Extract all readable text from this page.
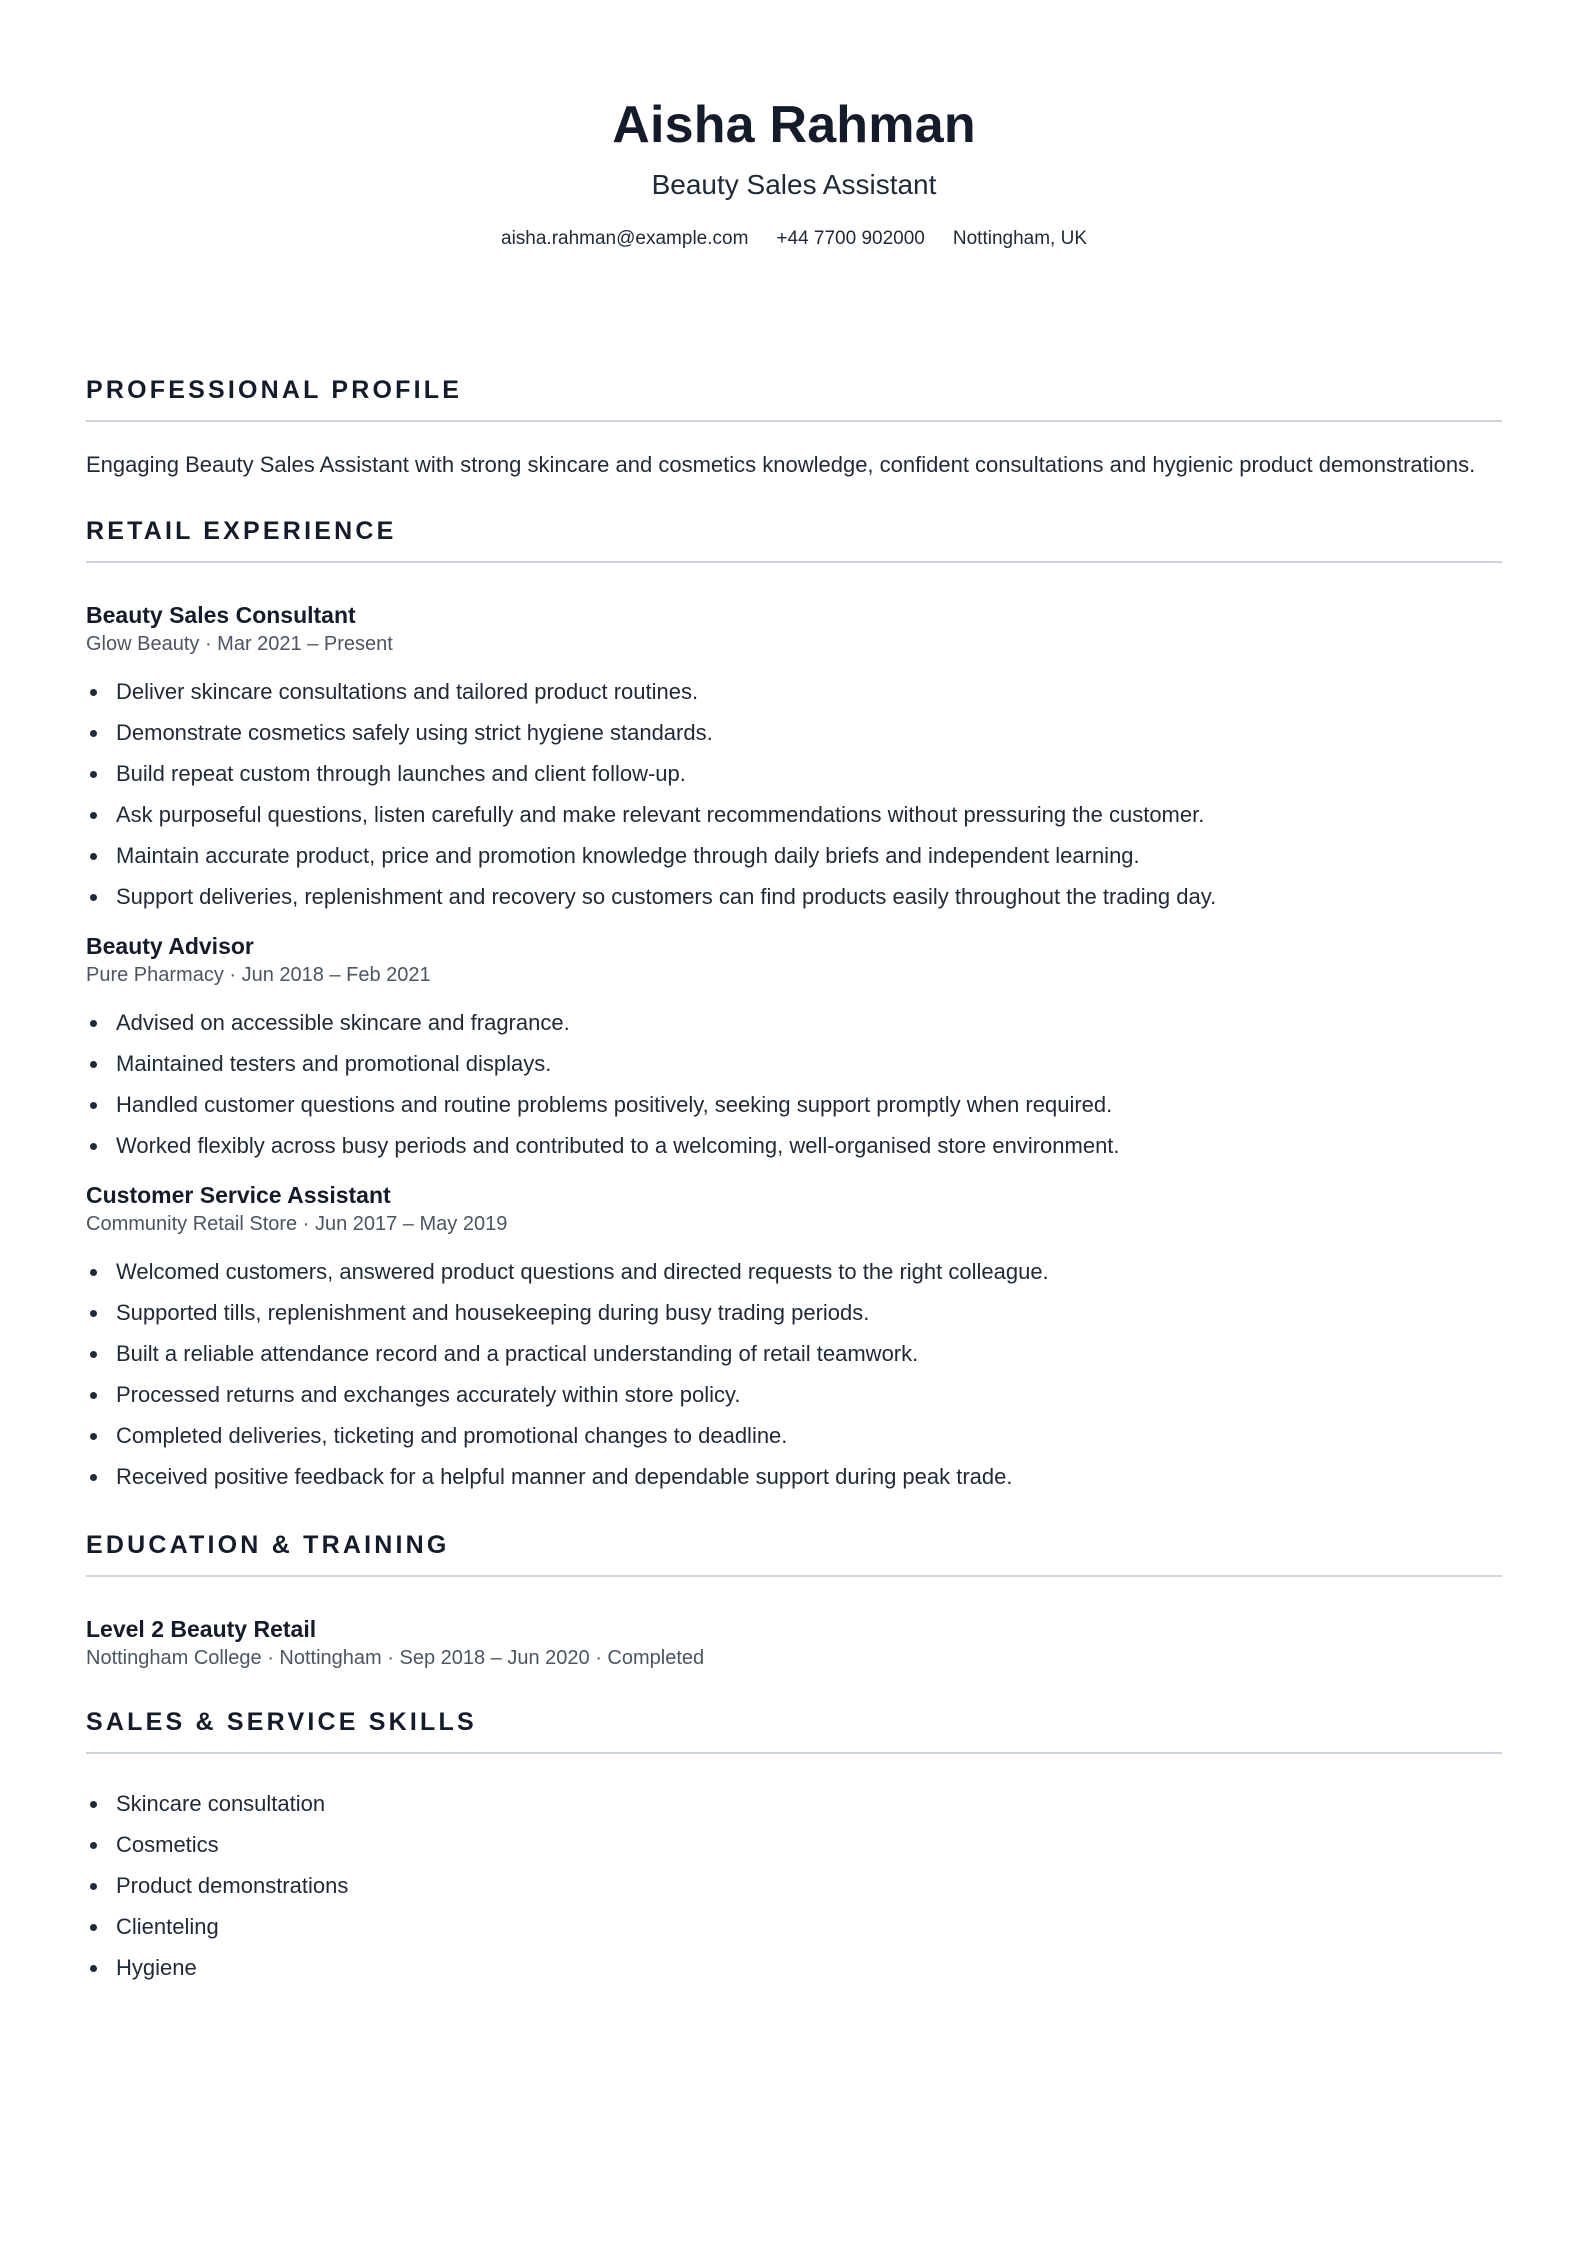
Aisha Rahman
Beauty Sales Assistant
aisha.rahman@example.com +44 7700 902000 Nottingham, UK
PROFESSIONAL PROFILE

Engaging Beauty Sales Assistant with strong skincare and cosmetics knowledge, confident consultations and hygienic product demonstrations.

RETAIL EXPERIENCE
Beauty Sales Consultant
Glow Beauty · Mar 2021 – Present
Deliver skincare consultations and tailored product routines.
Demonstrate cosmetics safely using strict hygiene standards.
Build repeat custom through launches and client follow-up.
Ask purposeful questions, listen carefully and make relevant recommendations without pressuring the customer.
Maintain accurate product, price and promotion knowledge through daily briefs and independent learning.
Support deliveries, replenishment and recovery so customers can find products easily throughout the trading day.
Beauty Advisor
Pure Pharmacy · Jun 2018 – Feb 2021
Advised on accessible skincare and fragrance.
Maintained testers and promotional displays.
Handled customer questions and routine problems positively, seeking support promptly when required.
Worked flexibly across busy periods and contributed to a welcoming, well-organised store environment.
Customer Service Assistant
Community Retail Store · Jun 2017 – May 2019
Welcomed customers, answered product questions and directed requests to the right colleague.
Supported tills, replenishment and housekeeping during busy trading periods.
Built a reliable attendance record and a practical understanding of retail teamwork.
Processed returns and exchanges accurately within store policy.
Completed deliveries, ticketing and promotional changes to deadline.
Received positive feedback for a helpful manner and dependable support during peak trade.
EDUCATION & TRAINING
Level 2 Beauty Retail
Nottingham College · Nottingham · Sep 2018 – Jun 2020 · Completed
SALES & SERVICE SKILLS
Skincare consultation
Cosmetics
Product demonstrations
Clienteling
Hygiene
